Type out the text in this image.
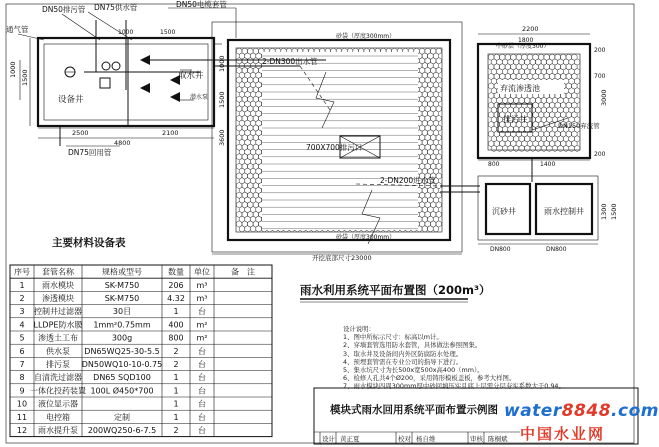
DN50排污管 DN75供水管	DN50电缆套管
通气管
设备井
取水井
潜水泵
DN75回用管
1000 1500
2500	2100
4800
1000
1500
1000	1500
2-DN300出水管
700X700排污口
2-DN200进水管
砂袋（厚度300mm）
砂袋（厚度300mm）
3600
开挖底部尺寸23000
2200
1800
700
3000
200
200
中砂层（厚度300）
弃流渗透池
排污井
DN150弃流管
800	1400
沉砂井	雨水控制井 1300 1500
DN800	DN800
雨水利用系统平面布置图（200m³）
主要材料设备表
序号 套管名称	规格或型号	数量 单位	备　注
1 雨水模块	SK-M750	206 m³
2 渗透模块	SK-M750	4.32 m³
3 控制井过滤器	30目	1 台
4 LLDPE防水膜 1mm²0.75mm 400 m²
5 渗透土工布	300g	800 m²
6	供水泵 DN65WQ25-30-5.5 2 台
7	排污泵 DN50WQ10-10-0.75 2 台
8 自清洗过滤器 DN65 SQD100	1 台
9 一体化投药装置 100L Ø450*700 1 台
10 液位显示器	1 台
11 电控箱	定制	1 台
12 雨水提升泵 200WQ250-6-7.5 2 台
模块式雨水回用系统平面布置示例图
设计 黄正夏	校对 杨自维	审核 陈桐斌
设计说明：
1、图中所标示尺寸：标高以m计。
2、穿墙套管选用防水套管，具体做法参照图集。
3、取水井及设备间内外区防腐防水处理。
4、预埋套管需在专业公司的指导下进行。
5、集水坑尺寸为长500x宽500x高400（mm）。
6、检修人孔共4个Ø200，采用铸形模板盖板，参考大样图。
7、雨水模块四周300mm厚中砂回填压实且底上层需分层夯实系数大于0.94。
water8848.com
中国水业网
